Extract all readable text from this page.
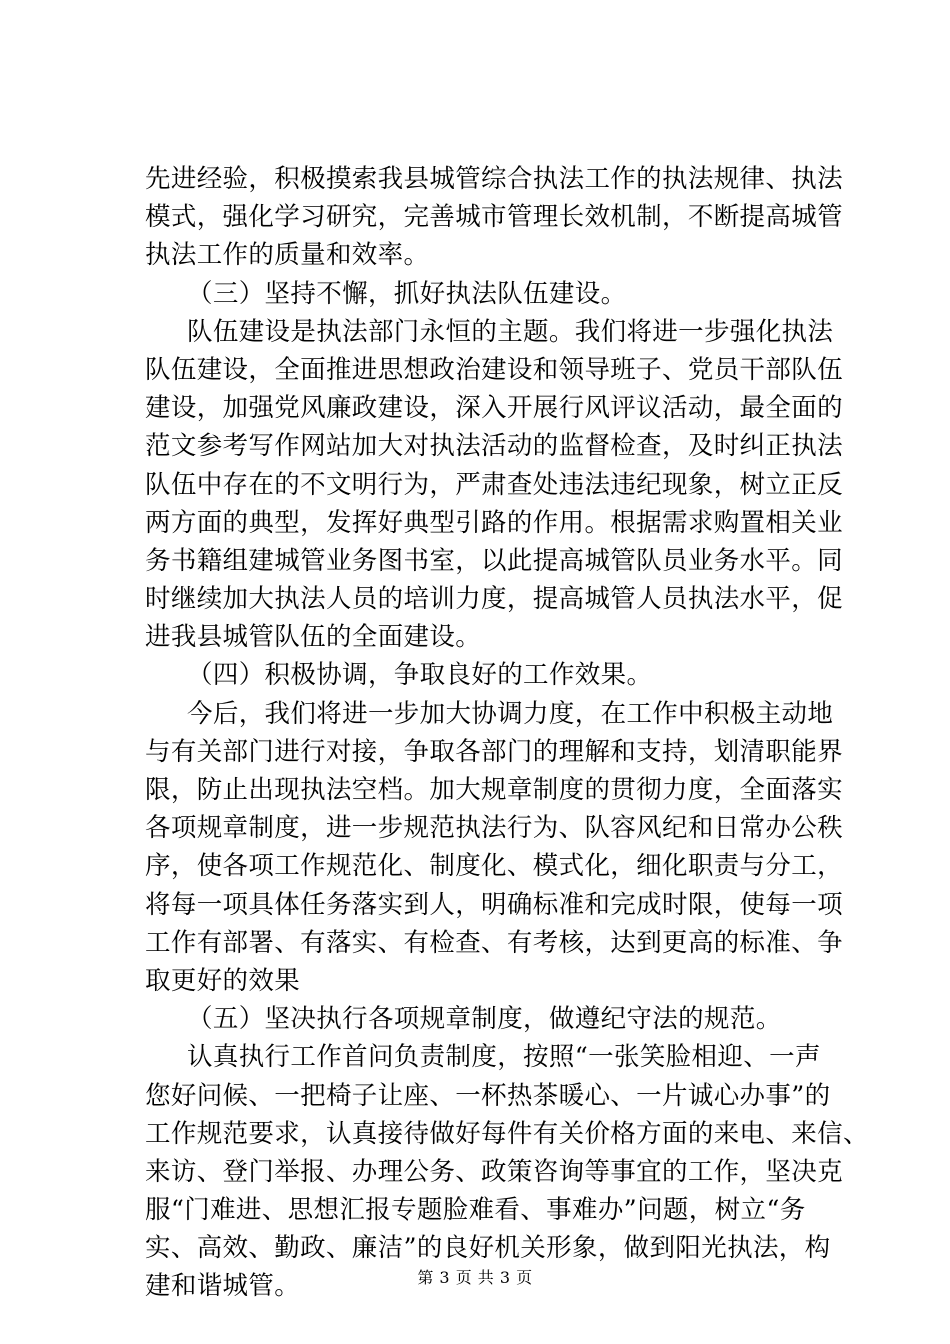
先进经验，积极摸索我县城管综合执法工作的执法规律、执法
模式，强化学习研究，完善城市管理长效机制，不断提高城管
执法工作的质量和效率。
（三）坚持不懈，抓好执法队伍建设。
队伍建设是执法部门永恒的主题。我们将进一步强化执法
队伍建设，全面推进思想政治建设和领导班子、党员干部队伍
建设，加强党风廉政建设，深入开展行风评议活动，最全面的
范文参考写作网站加大对执法活动的监督检查，及时纠正执法
队伍中存在的不文明行为，严肃查处违法违纪现象，树立正反
两方面的典型，发挥好典型引路的作用。根据需求购置相关业
务书籍组建城管业务图书室，以此提高城管队员业务水平。同
时继续加大执法人员的培训力度，提高城管人员执法水平，促
进我县城管队伍的全面建设。
（四）积极协调，争取良好的工作效果。
今后，我们将进一步加大协调力度，在工作中积极主动地
与有关部门进行对接，争取各部门的理解和支持，划清职能界
限，防止出现执法空档。加大规章制度的贯彻力度，全面落实
各项规章制度，进一步规范执法行为、队容风纪和日常办公秩
序，使各项工作规范化、制度化、模式化，细化职责与分工，
将每一项具体任务落实到人，明确标准和完成时限，使每一项
工作有部署、有落实、有检查、有考核，达到更高的标准、争
取更好的效果
（五）坚决执行各项规章制度，做遵纪守法的规范。
认真执行工作首问负责制度，按照“一张笑脸相迎、一声
您好问候、一把椅子让座、一杯热茶暖心、一片诚心办事”的
工作规范要求，认真接待做好每件有关价格方面的来电、来信、
来访、登门举报、办理公务、政策咨询等事宜的工作，坚决克
服“门难进、思想汇报专题脸难看、事难办”问题，树立“务
实、高效、勤政、廉洁”的良好机关形象，做到阳光执法，构
建和谐城管。	第 3 页 共 3 页
